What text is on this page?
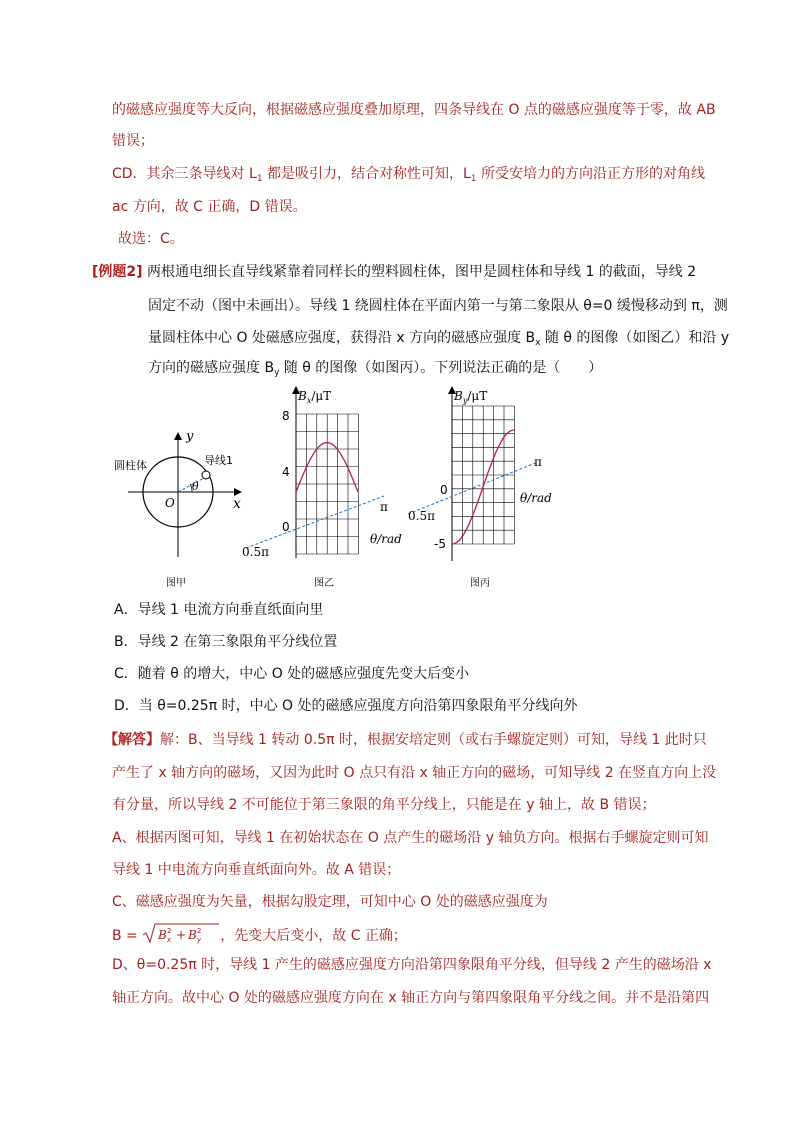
的磁感应强度等大反向，根据磁感应强度叠加原理，四条导线在 O 点的磁感应强度等于零，故 AB
错误；
CD．其余三条导线对 $L_1$ 都是吸引力，结合对称性可知，$L_1$ 所受安培力的方向沿正方形的对角线
ac 方向，故 C 正确，D 错误。
故选：C。
[例题2] 两根通电细长直导线紧靠着同样长的塑料圆柱体，图甲是圆柱体和导线 1 的截面，导线 2
固定不动（图中未画出）。导线 1 绕圆柱体在平面内第一与第二象限从 θ=0 缓慢移动到 π，测
量圆柱体中心 O 处磁感应强度，获得沿 x 方向的磁感应强度 $B_x$ 随 θ 的图像（如图乙）和沿 y
方向的磁感应强度 $B_y$ 随 θ 的图像（如图丙）。下列说法正确的是（　　）
y
x
O
θ
圆柱体	导线1
图甲
$B_x/\mu T$
8
4
0
π
θ/rad
0.5π
图乙
$B_y/\mu T$
0
-5
π
θ/rad
0.5π
图丙
A．导线 1 电流方向垂直纸面向里
B．导线 2 在第三象限角平分线位置
C．随着 θ 的增大，中心 O 处的磁感应强度先变大后变小
D．当 θ=0.25π 时，中心 O 处的磁感应强度方向沿第四象限角平分线向外
【解答】解：B、当导线 1 转动 0.5π 时，根据安培定则（或右手螺旋定则）可知，导线 1 此时只
产生了 x 轴方向的磁场，又因为此时 O 点只有沿 x 轴正方向的磁场，可知导线 2 在竖直方向上没
有分量，所以导线 2 不可能位于第三象限的角平分线上，只能是在 y 轴上，故 B 错误；
A、根据丙图可知，导线 1 在初始状态在 O 点产生的磁场沿 y 轴负方向。根据右手螺旋定则可知
导线 1 中电流方向垂直纸面向外。故 A 错误；
C、磁感应强度为矢量，根据勾股定理，可知中心 O 处的磁感应强度为
B = B 2
x + B 2
y ，先变大后变小，故 C 正确；
D、θ=0.25π 时，导线 1 产生的磁感应强度方向沿第四象限角平分线，但导线 2 产生的磁场沿 x
轴正方向。故中心 O 处的磁感应强度方向在 x 轴正方向与第四象限角平分线之间。并不是沿第四
